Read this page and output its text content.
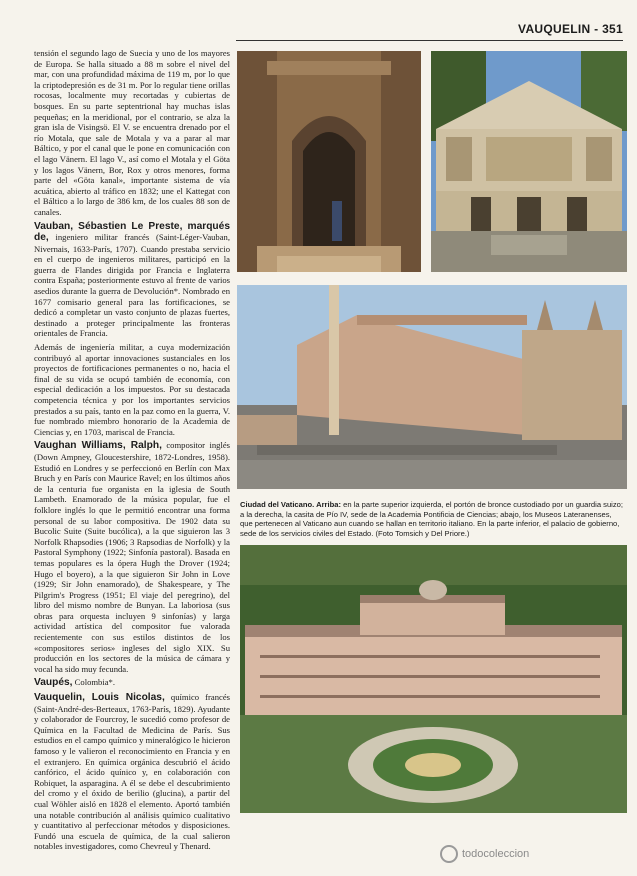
VAUQUELIN - 351

tensión el segundo lago de Suecia y uno de los mayores de Europa. Se halla situado a 88 m sobre el nivel del mar, con una profundidad máxima de 119 m, por lo que la criptodepresión es de 31 m. Por lo regular tiene orillas rocosas, localmente muy recortadas y cubiertas de bosques. En su parte septentrional hay muchas islas pequeñas; en la meridional, por el contrario, se alza la gran isla de Visingsö. El V. se encuentra drenado por el río Motala, que sale de Motala y va a parar al mar Báltico, y por el canal que le pone en comunicación con el lago Vänern. El lago V., así como el Motala y el Göta y los lagos Vänern, Bor, Rox y otros menores, forma parte del «Göta kanal», importante sistema de vía acuática, abierto al tráfico en 1832; une el Kattegat con el Báltico a lo largo de 386 km, de los cuales 88 son de canales.

Vauban, Sébastien Le Preste, marqués de, ingeniero militar francés (Saint-Léger-Vauban, Nivernais, 1633-París, 1707). Cuando prestaba servicio en el cuerpo de ingenieros militares, participó en la guerra de Flandes dirigida por Francia e Inglaterra contra España; posteriormente estuvo al frente de varios asedios durante la guerra de Devolución*. Nombrado en 1677 comisario general para las fortificaciones, se dedicó a completar un vasto conjunto de plazas fuertes, destinado a proteger principalmente las fronteras orientales de Francia.

Además de ingeniería militar, a cuya modernización contribuyó al aportar innovaciones sustanciales en los proyectos de fortificaciones permanentes o no, hacia el final de su vida se ocupó también de economía, con especial dedicación a los impuestos. Por su destacada competencia técnica y por los importantes servicios prestados a su país, tanto en la paz como en la guerra, V. fue nombrado miembro honorario de la Academia de Ciencias y, en 1703, mariscal de Francia.

Vaughan Williams, Ralph, compositor inglés (Down Ampney, Gloucestershire, 1872-Londres, 1958). Estudió en Londres y se perfeccionó en Berlín con Max Bruch y en París con Maurice Ravel; en los últimos años de la centuria fue organista en la iglesia de South Lambeth. Enamorado de la música popular, fue el folklore inglés lo que le permitió encontrar una forma personal de su labor compositiva. De 1902 data su Bucolic Suite (Suite bucólica), a la que siguieron las 3 Norfolk Rhapsodies (1906; 3 Rapsodias de Norfolk) y la Pastoral Symphony (1922; Sinfonía pastoral). Basada en temas populares es la ópera Hugh the Drover (1924; Hugo el boyero), a la que siguieron Sir John in Love (1929; Sir John enamorado), de Shakespeare, y The Pilgrim's Progress (1951; El viaje del peregrino), del libro del mismo nombre de Bunyan. La laboriosa (sus obras para orquesta incluyen 9 sinfonías) y larga actividad artística del compositor fue valorada recientemente con sus estilos distintos de los «compositores serios» ingleses del siglo XIX. Su producción en los sectores de la música de cámara y vocal ha sido muy fecunda.

Vaupés, Colombia*.

Vauquelin, Louis Nicolas, químico francés (Saint-André-des-Berteaux, 1763-París, 1829). Ayudante y colaborador de Fourcroy, le sucedió como profesor de Química en la Facultad de Medicina de París. Sus estudios en el campo químico y mineralógico le hicieron famoso y le valieron el reconocimiento en Francia y en el extranjero. En química orgánica descubrió el ácido canfórico, el ácido quínico y, en colaboración con Robiquet, la asparagina. A él se debe el descubrimiento del cromo y el óxido de berilio (glucina), a partir del cual Wöhler aisló en 1828 el elemento. Aportó también una notable contribución al análisis químico cualitativo y cuantitativo al perfeccionar métodos y disposiciones. Fundó una escuela de química, de la cual salieron notables investigadores, como Chevreul y Thenard.

Ciudad del Vaticano. Arriba: en la parte superior izquierda, el portón de bronce custodiado por un guardia suizo; a la derecha, la casita de Pío IV, sede de la Academia Pontificia de Ciencias; abajo, los Museos Lateranenses, que pertenecen al Vaticano aun cuando se hallan en territorio italiano. En la parte inferior, el palacio de gobierno, sede de los servicios civiles del Estado. (Foto Tomsich y Del Priore.)
todocoleccion
